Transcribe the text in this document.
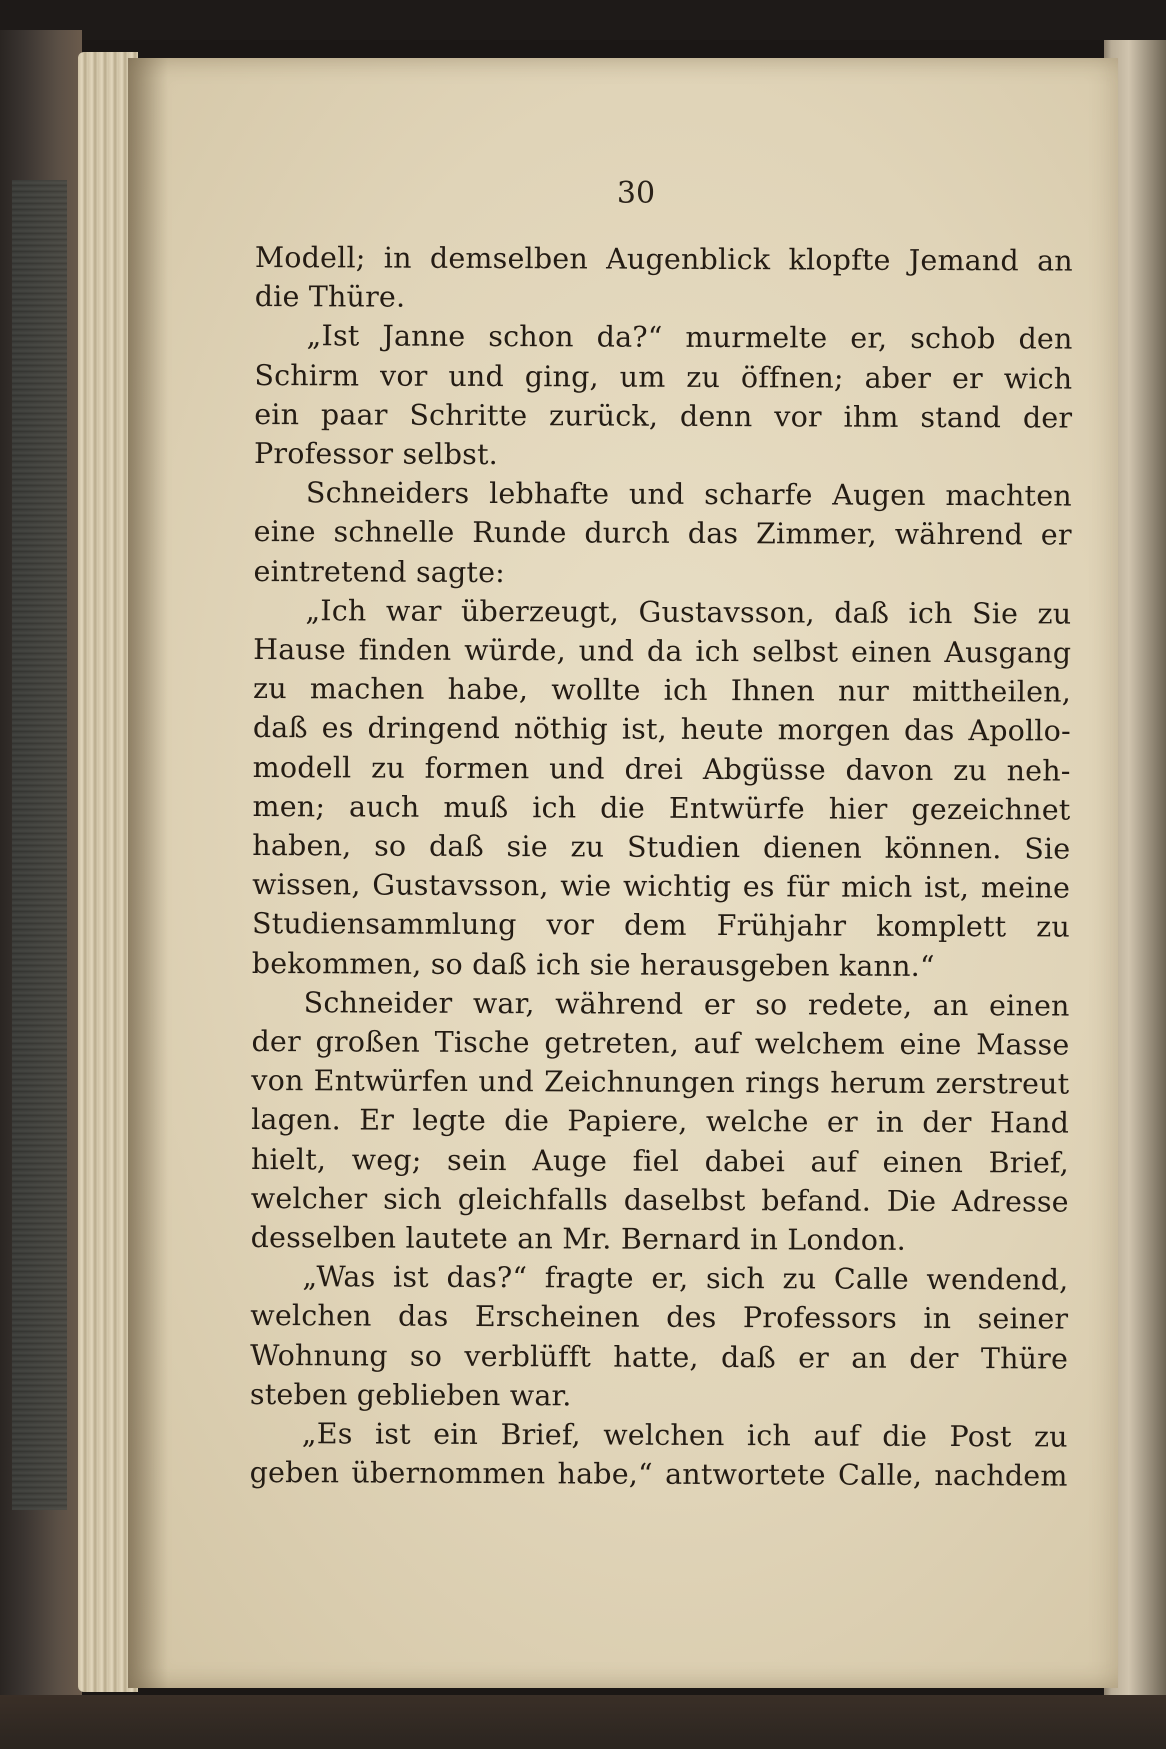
30
Modell; in demselben Augenblick klopfte Jemand an
die Thüre.
„Ist Janne schon da?“ murmelte er, schob den
Schirm vor und ging, um zu öffnen; aber er wich
ein paar Schritte zurück, denn vor ihm stand der
Professor selbst.
Schneiders lebhafte und scharfe Augen machten
eine schnelle Runde durch das Zimmer, während er
eintretend sagte:
„Ich war überzeugt, Gustavsson, daß ich Sie zu
Hause finden würde, und da ich selbst einen Ausgang
zu machen habe, wollte ich Ihnen nur mittheilen,
daß es dringend nöthig ist, heute morgen das Apollo-
modell zu formen und drei Abgüsse davon zu neh-
men; auch muß ich die Entwürfe hier gezeichnet
haben, so daß sie zu Studien dienen können. Sie
wissen, Gustavsson, wie wichtig es für mich ist, meine
Studiensammlung vor dem Frühjahr komplett zu
bekommen, so daß ich sie herausgeben kann.“
Schneider war, während er so redete, an einen
der großen Tische getreten, auf welchem eine Masse
von Entwürfen und Zeichnungen rings herum zerstreut
lagen. Er legte die Papiere, welche er in der Hand
hielt, weg; sein Auge fiel dabei auf einen Brief,
welcher sich gleichfalls daselbst befand. Die Adresse
desselben lautete an Mr. Bernard in London.
„Was ist das?“ fragte er, sich zu Calle wendend,
welchen das Erscheinen des Professors in seiner
Wohnung so verblüfft hatte, daß er an der Thüre
steben geblieben war.
„Es ist ein Brief, welchen ich auf die Post zu
geben übernommen habe,“ antwortete Calle, nachdem
